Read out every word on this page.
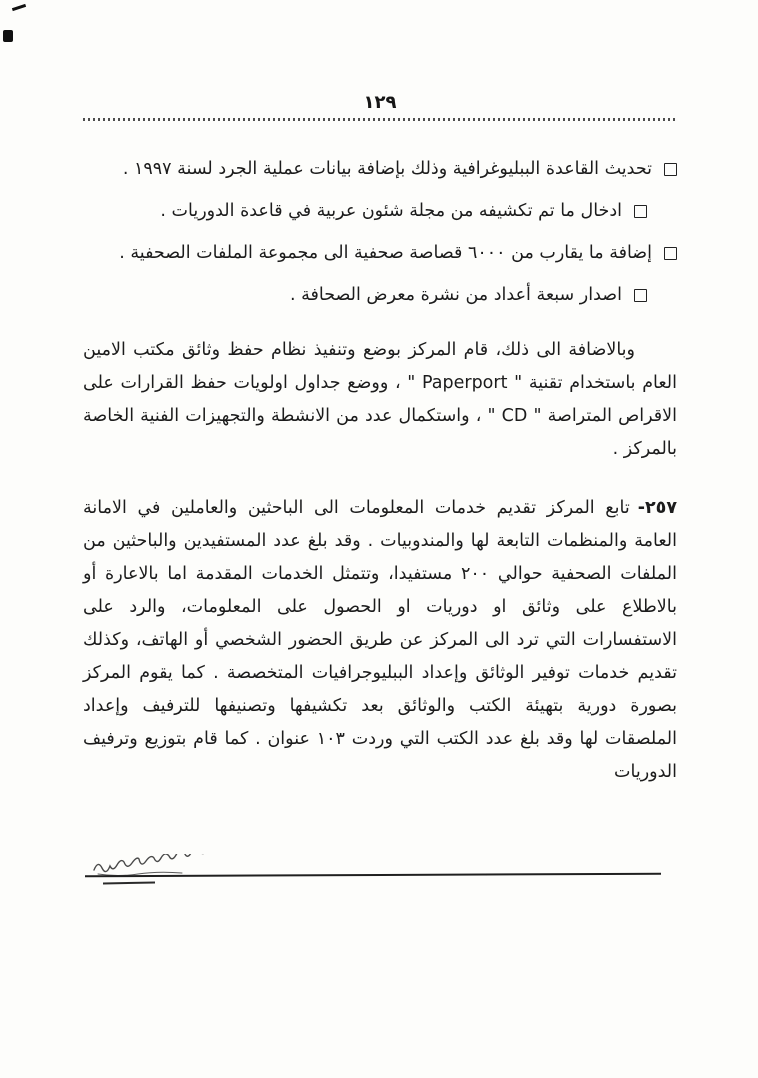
١٢٩
تحديث القاعدة الببليوغرافية وذلك بإضافة بيانات عملية الجرد لسنة ١٩٩٧ .
ادخال ما تم تكشيفه من مجلة شئون عربية في قاعدة الدوريات .
إضافة ما يقارب من ٦٠٠٠ قصاصة صحفية الى مجموعة الملفات الصحفية .
اصدار سبعة أعداد من نشرة معرض الصحافة .

وبالاضافة الى ذلك، قام المركز بوضع وتنفيذ نظام حفظ وثائق مكتب الامين العام باستخدام تقنية " Paperport " ، ووضع جداول اولويات حفظ القرارات على الاقراص المتراصة " CD " ، واستكمال عدد من الانشطة والتجهيزات الفنية الخاصة بالمركز .

٢٥٧-تابع المركز تقديم خدمات المعلومات الى الباحثين والعاملين في الامانة العامة والمنظمات التابعة لها والمندوبيات . وقد بلغ عدد المستفيدين والباحثين من الملفات الصحفية حوالي ٢٠٠ مستفيدا، وتتمثل الخدمات المقدمة اما بالاعارة أو بالاطلاع على وثائق او دوريات او الحصول على المعلومات، والرد على الاستفسارات التي ترد الى المركز عن طريق الحضور الشخصي أو الهاتف، وكذلك تقديم خدمات توفير الوثائق وإعداد الببليوجرافيات المتخصصة . كما يقوم المركز بصورة دورية بتهيئة الكتب والوثائق بعد تكشيفها وتصنيفها للترفيف وإعداد الملصقات لها وقد بلغ عدد الكتب التي وردت ١٠٣ عنوان . كما قام بتوزيع وترفيف الدوريات
